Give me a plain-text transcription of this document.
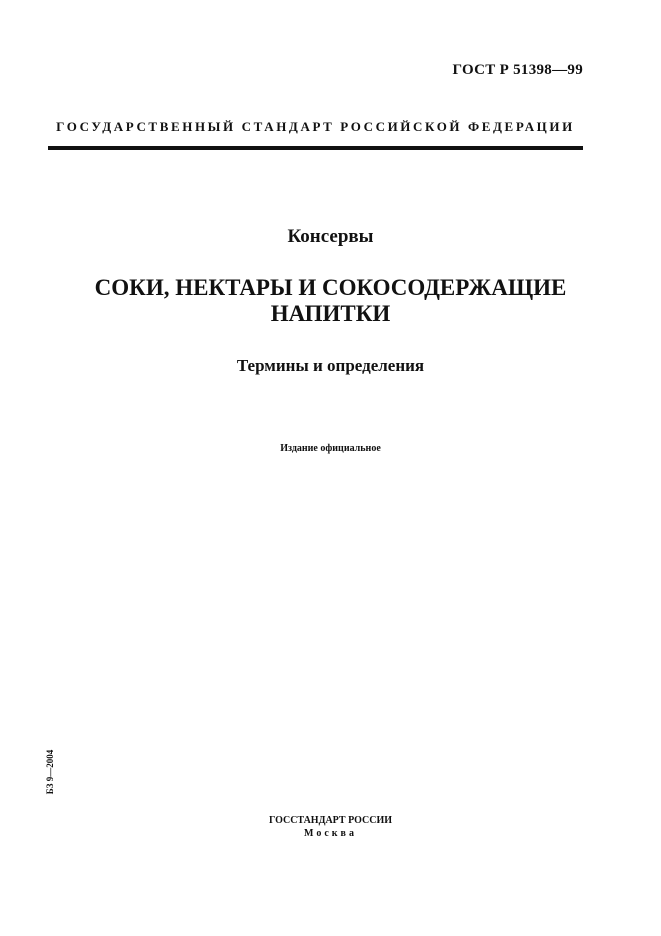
ГОСТ Р 51398—99
ГОСУДАРСТВЕННЫЙ СТАНДАРТ РОССИЙСКОЙ ФЕДЕРАЦИИ
Консервы
СОКИ, НЕКТАРЫ И СОКОСОДЕРЖАЩИЕ
НАПИТКИ
Термины и определения
Издание официальное
БЗ 9—2004
ГОССТАНДАРТ РОССИИ
Москва
